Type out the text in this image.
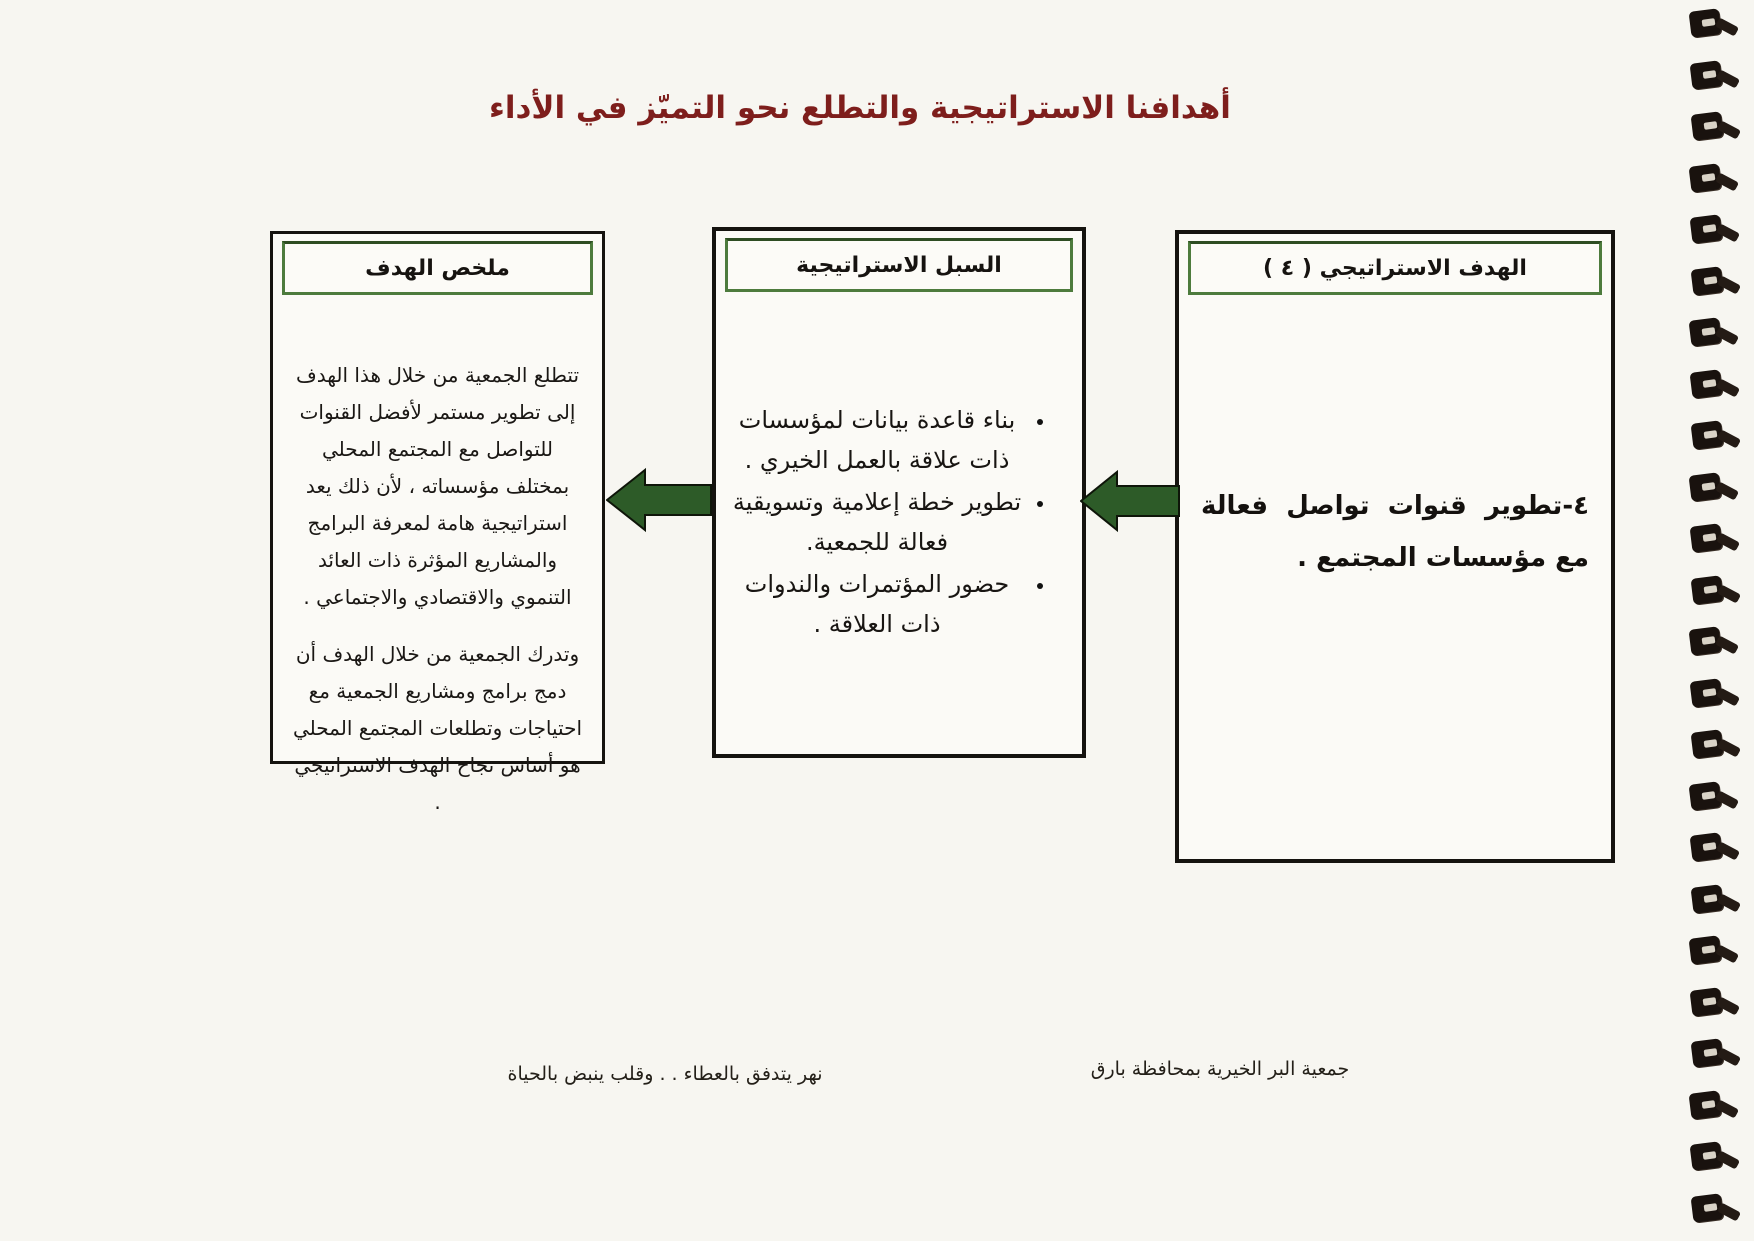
أهدافنا الاستراتيجية والتطلع نحو التميّز في الأداء
الهدف الاستراتيجي ( ٤ )
٤-تطوير قنوات تواصل فعالة
مع مؤسسات المجتمع .
السبل الاستراتيجية
• بناء قاعدة بيانات لمؤسسات ذات علاقة بالعمل الخيري .
• تطوير خطة إعلامية وتسويقية فعالة للجمعية.
• حضور المؤتمرات والندوات ذات العلاقة .
ملخص الهدف

تتطلع الجمعية من خلال هذا الهدف إلى تطوير مستمر لأفضل القنوات للتواصل مع المجتمع المحلي بمختلف مؤسساته ، لأن ذلك يعد استراتيجية هامة لمعرفة البرامج والمشاريع المؤثرة ذات العائد التنموي والاقتصادي والاجتماعي .

وتدرك الجمعية من خلال الهدف أن دمج برامج ومشاريع الجمعية مع احتياجات وتطلعات المجتمع المحلي هو أساس نجاح الهدف الاستراتيجي .

نهر يتدفق بالعطاء . . وقلب ينبض بالحياة	جمعية البر الخيرية بمحافظة بارق
